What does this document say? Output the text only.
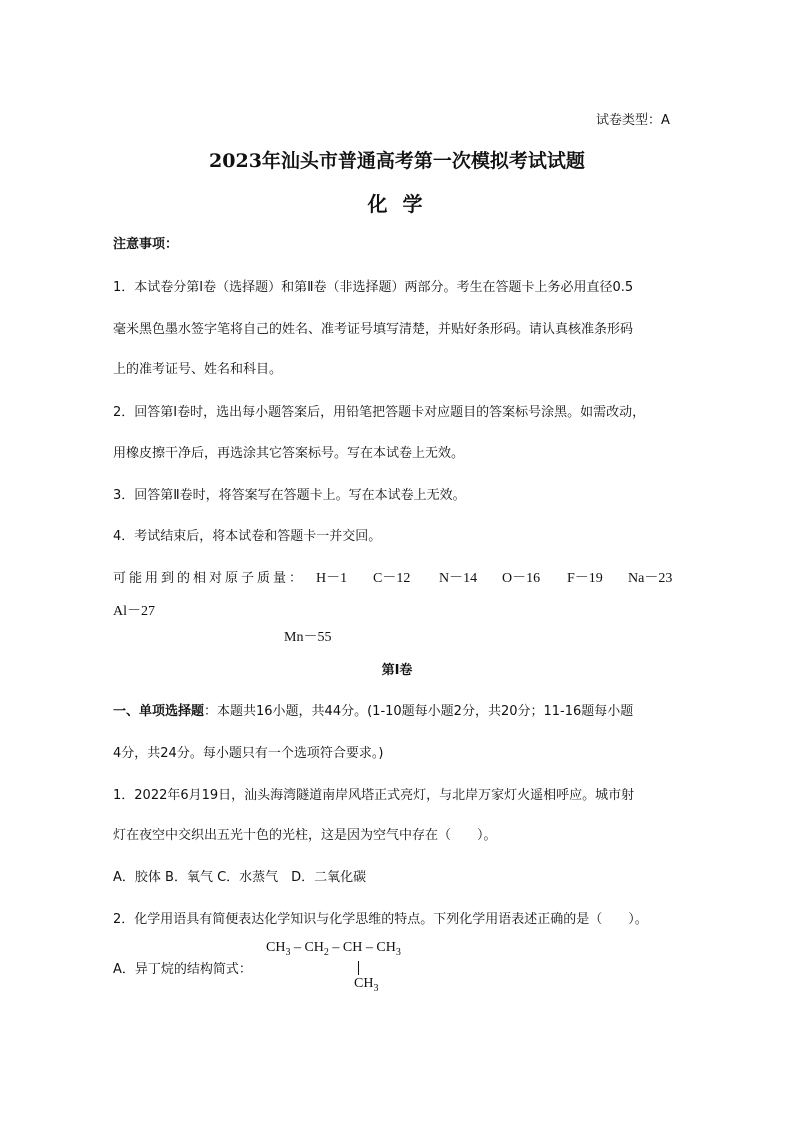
试卷类型：A
2023年汕头市普通高考第一次模拟考试试题
化 学
注意事项：
1．本试卷分第Ⅰ卷（选择题）和第Ⅱ卷（非选择题）两部分。考生在答题卡上务必用直径0.5
毫米黑色墨水签字笔将自己的姓名、准考证号填写清楚，并贴好条形码。请认真核准条形码
上的准考证号、姓名和科目。
2．回答第Ⅰ卷时，选出每小题答案后，用铅笔把答题卡对应题目的答案标号涂黑。如需改动，
用橡皮擦干净后，再选涂其它答案标号。写在本试卷上无效。
3．回答第Ⅱ卷时，将答案写在答题卡上。写在本试卷上无效。
4．考试结束后，将本试卷和答题卡一并交回。
可能用到的相对原子质量： H－1 C－12 N－14 O－16 F－19 Na－23
Al－27
Mn－55
第Ⅰ卷
一、单项选择题：本题共16小题，共44分。(1-10题每小题2分，共20分；11-16题每小题
4分，共24分。每小题只有一个选项符合要求。)
1．2022年6月19日，汕头海湾隧道南岸风塔正式亮灯，与北岸万家灯火遥相呼应。城市射
灯在夜空中交织出五光十色的光柱，这是因为空气中存在（　　）。
A．胶体 B．氧气 C．水蒸气　D．二氧化碳
2．化学用语具有简便表达化学知识与化学思维的特点。下列化学用语表述正确的是（　　）。
A．异丁烷的结构简式：
$CH_3 - CH_2$ – CH – $CH_3$
$CH_3$
